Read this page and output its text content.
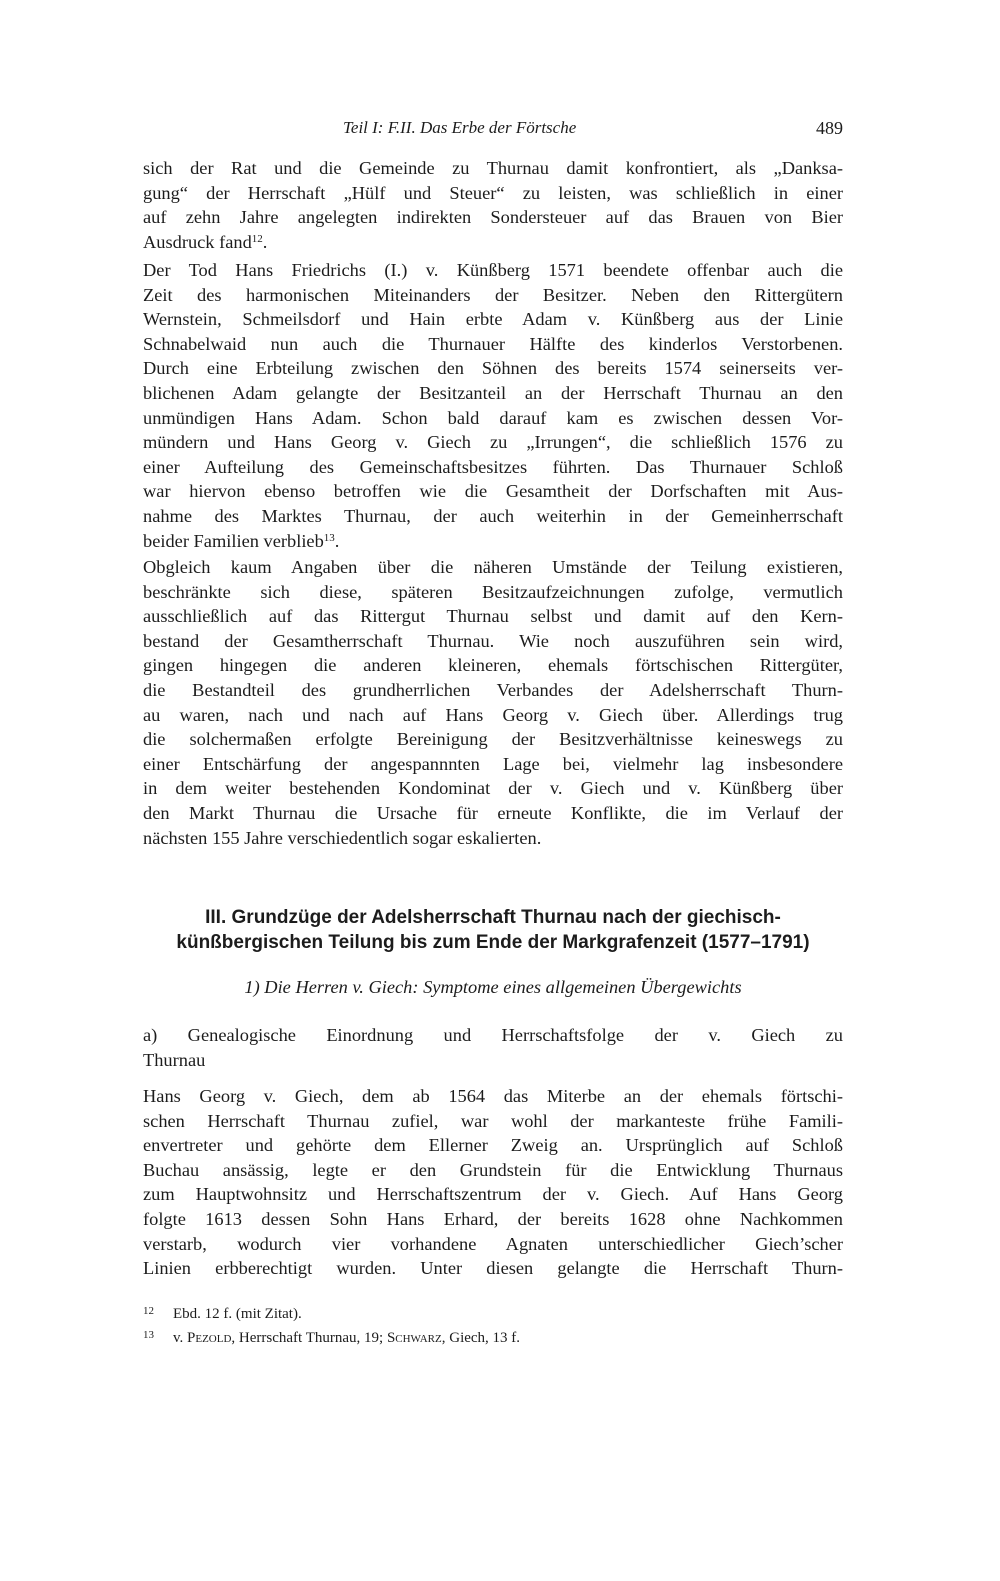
Teil I: F.II. Das Erbe der Förtsche	489
sich der Rat und die Gemeinde zu Thurnau damit konfrontiert, als „Danksa-
gung“ der Herrschaft „Hülf und Steuer“ zu leisten, was schließlich in einer
auf zehn Jahre angelegten indirekten Sondersteuer auf das Brauen von Bier
Ausdruck fand$^{12}$.
Der Tod Hans Friedrichs (I.) v. Künßberg 1571 beendete offenbar auch die
Zeit des harmonischen Miteinanders der Besitzer. Neben den Rittergütern
Wernstein, Schmeilsdorf und Hain erbte Adam v. Künßberg aus der Linie
Schnabelwaid nun auch die Thurnauer Hälfte des kinderlos Verstorbenen.
Durch eine Erbteilung zwischen den Söhnen des bereits 1574 seinerseits ver-
blichenen Adam gelangte der Besitzanteil an der Herrschaft Thurnau an den
unmündigen Hans Adam. Schon bald darauf kam es zwischen dessen Vor-
mündern und Hans Georg v. Giech zu „Irrungen“, die schließlich 1576 zu
einer Aufteilung des Gemeinschaftsbesitzes führten. Das Thurnauer Schloß
war hiervon ebenso betroffen wie die Gesamtheit der Dorfschaften mit Aus-
nahme des Marktes Thurnau, der auch weiterhin in der Gemeinherrschaft
beider Familien verblieb$^{13}$.
Obgleich kaum Angaben über die näheren Umstände der Teilung existieren,
beschränkte sich diese, späteren Besitzaufzeichnungen zufolge, vermutlich
ausschließlich auf das Rittergut Thurnau selbst und damit auf den Kern-
bestand der Gesamtherrschaft Thurnau. Wie noch auszuführen sein wird,
gingen hingegen die anderen kleineren, ehemals förtschischen Rittergüter,
die Bestandteil des grundherrlichen Verbandes der Adelsherrschaft Thurn-
au waren, nach und nach auf Hans Georg v. Giech über. Allerdings trug
die solchermaßen erfolgte Bereinigung der Besitzverhältnisse keineswegs zu
einer Entschärfung der angespannnten Lage bei, vielmehr lag insbesondere
in dem weiter bestehenden Kondominat der v. Giech und v. Künßberg über
den Markt Thurnau die Ursache für erneute Konflikte, die im Verlauf der
nächsten 155 Jahre verschiedentlich sogar eskalierten.
III. Grundzüge der Adelsherrschaft Thurnau nach der giechisch-
künßbergischen Teilung bis zum Ende der Markgrafenzeit (1577–1791)
1) Die Herren v. Giech: Symptome eines allgemeinen Übergewichts
a) Genealogische Einordnung und Herrschaftsfolge der v. Giech zu
Thurnau
Hans Georg v. Giech, dem ab 1564 das Miterbe an der ehemals förtschi-
schen Herrschaft Thurnau zufiel, war wohl der markanteste frühe Famili-
envertreter und gehörte dem Ellerner Zweig an. Ursprünglich auf Schloß
Buchau ansässig, legte er den Grundstein für die Entwicklung Thurnaus
zum Hauptwohnsitz und Herrschaftszentrum der v. Giech. Auf Hans Georg
folgte 1613 dessen Sohn Hans Erhard, der bereits 1628 ohne Nachkommen
verstarb, wodurch vier vorhandene Agnaten unterschiedlicher Giech’scher
Linien erbberechtigt wurden. Unter diesen gelangte die Herrschaft Thurn-
12 Ebd. 12 f. (mit Zitat).
13 v. Pezold, Herrschaft Thurnau, 19; Schwarz, Giech, 13 f.
